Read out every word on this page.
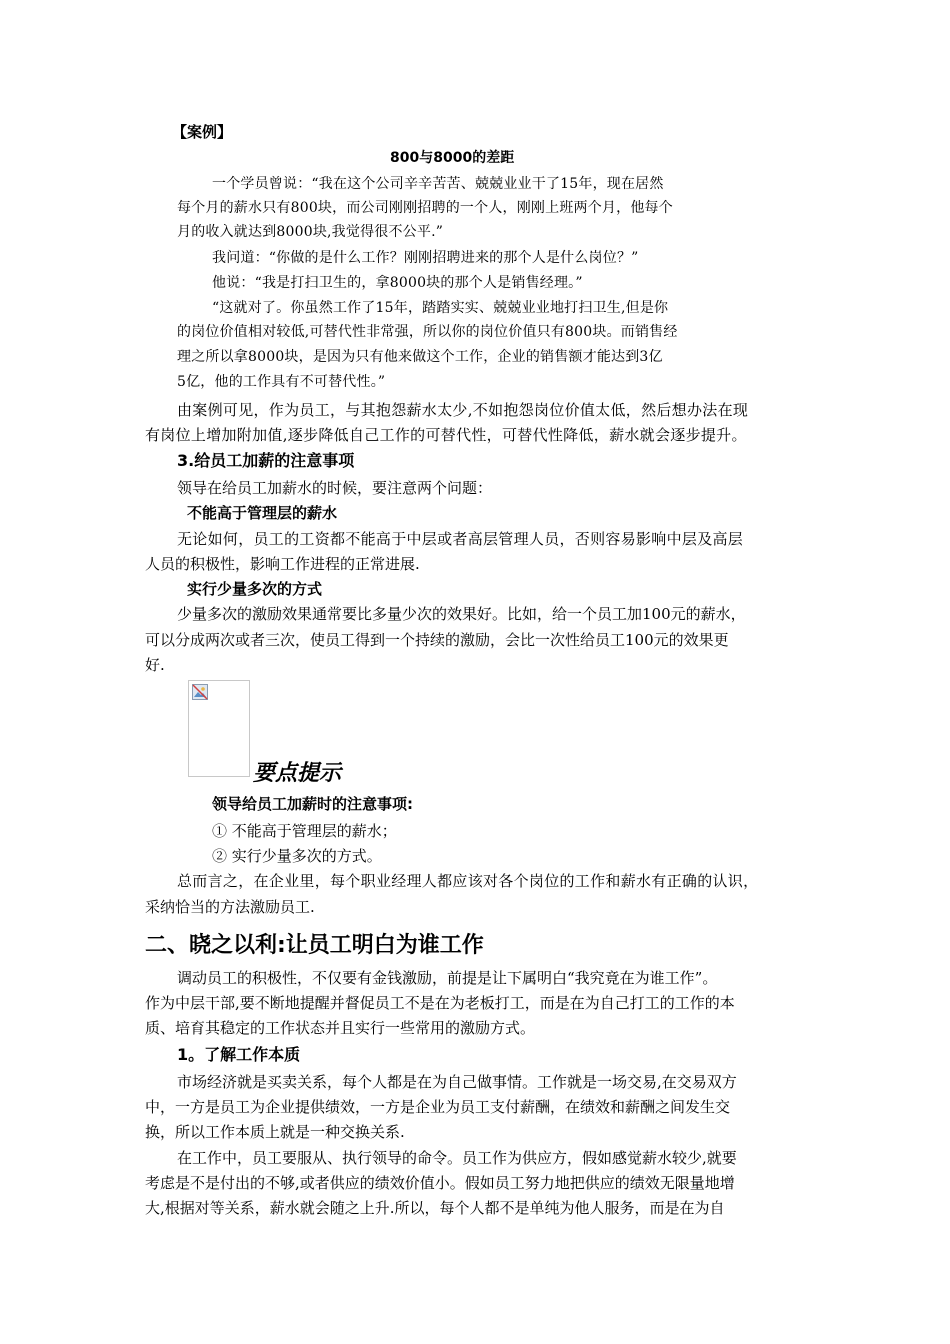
【案例】
800与8000的差距
一个学员曾说：“我在这个公司辛辛苦苦、兢兢业业干了15年，现在居然
每个月的薪水只有800块，而公司刚刚招聘的一个人，刚刚上班两个月，他每个
月的收入就达到8000块,我觉得很不公平.”
我问道：“你做的是什么工作？刚刚招聘进来的那个人是什么岗位？”
他说：“我是打扫卫生的，拿8000块的那个人是销售经理。”
“这就对了。你虽然工作了15年，踏踏实实、兢兢业业地打扫卫生,但是你
的岗位价值相对较低,可替代性非常强，所以你的岗位价值只有800块。而销售经
理之所以拿8000块，是因为只有他来做这个工作，企业的销售额才能达到3亿
5亿，他的工作具有不可替代性。”
由案例可见，作为员工，与其抱怨薪水太少,不如抱怨岗位价值太低，然后想办法在现
有岗位上增加附加值,逐步降低自己工作的可替代性，可替代性降低，薪水就会逐步提升。
3.给员工加薪的注意事项
领导在给员工加薪水的时候，要注意两个问题：
不能高于管理层的薪水
无论如何，员工的工资都不能高于中层或者高层管理人员，否则容易影响中层及高层
人员的积极性，影响工作进程的正常进展.
实行少量多次的方式
少量多次的激励效果通常要比多量少次的效果好。比如，给一个员工加100元的薪水，
可以分成两次或者三次，使员工得到一个持续的激励，会比一次性给员工100元的效果更
好.
要点提示
领导给员工加薪时的注意事项:
① 不能高于管理层的薪水；
② 实行少量多次的方式。
总而言之，在企业里，每个职业经理人都应该对各个岗位的工作和薪水有正确的认识，
采纳恰当的方法激励员工.
二、晓之以利:让员工明白为谁工作
调动员工的积极性，不仅要有金钱激励，前提是让下属明白“我究竟在为谁工作”。
作为中层干部,要不断地提醒并督促员工不是在为老板打工，而是在为自己打工的工作的本
质、培育其稳定的工作状态并且实行一些常用的激励方式。
1。了解工作本质
市场经济就是买卖关系，每个人都是在为自己做事情。工作就是一场交易,在交易双方
中，一方是员工为企业提供绩效，一方是企业为员工支付薪酬，在绩效和薪酬之间发生交
换，所以工作本质上就是一种交换关系.
在工作中，员工要服从、执行领导的命令。员工作为供应方，假如感觉薪水较少,就要
考虑是不是付出的不够,或者供应的绩效价值小。假如员工努力地把供应的绩效无限量地增
大,根据对等关系，薪水就会随之上升.所以，每个人都不是单纯为他人服务，而是在为自
